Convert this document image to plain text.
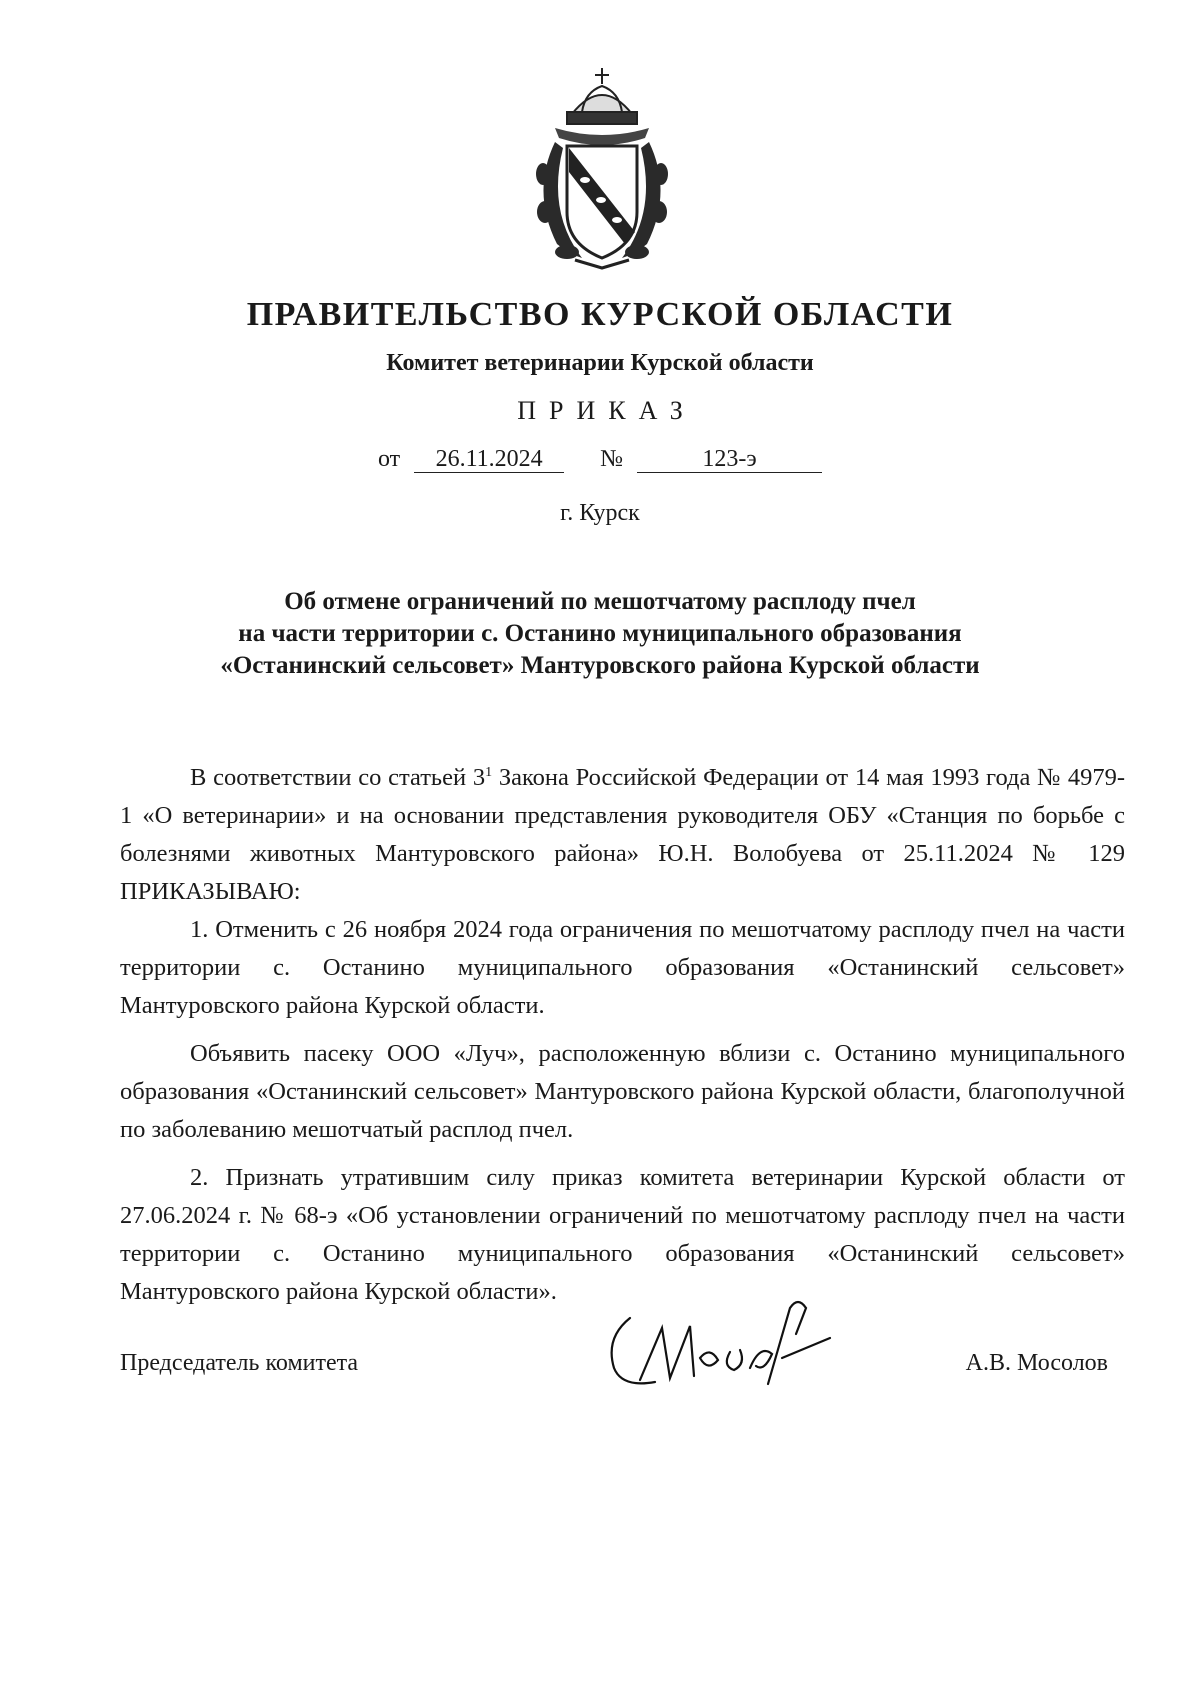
ПРАВИТЕЛЬСТВО КУРСКОЙ ОБЛАСТИ
Комитет ветеринарии Курской области
ПРИКАЗ
от 26.11.2024 №	123-э
г. Курск
Об отмене ограничений по мешотчатому расплоду пчел
на части территории с. Останино муниципального образования
«Останинский сельсовет» Мантуровского района Курской области

В соответствии со статьей $3^1$ Закона Российской Федерации от 14 мая 1993 года № 4979-1 «О ветеринарии» и на основании представления руководителя ОБУ «Станция по борьбе с болезнями животных Мантуровского района» Ю.Н. Волобуева от 25.11.2024 № 129 ПРИКАЗЫВАЮ:

1. Отменить с 26 ноября 2024 года ограничения по мешотчатому расплоду пчел на части территории с. Останино муниципального образования «Останинский сельсовет» Мантуровского района Курской области.

Объявить пасеку ООО «Луч», расположенную вблизи с. Останино муниципального образования «Останинский сельсовет» Мантуровского района Курской области, благополучной по заболеванию мешотчатый расплод пчел.

2. Признать утратившим силу приказ комитета ветеринарии Курской области от 27.06.2024 г. № 68-э «Об установлении ограничений по мешотчатому расплоду пчел на части территории с. Останино муниципального образования «Останинский сельсовет» Мантуровского района Курской области».

Председатель комитета	А.В. Мосолов
